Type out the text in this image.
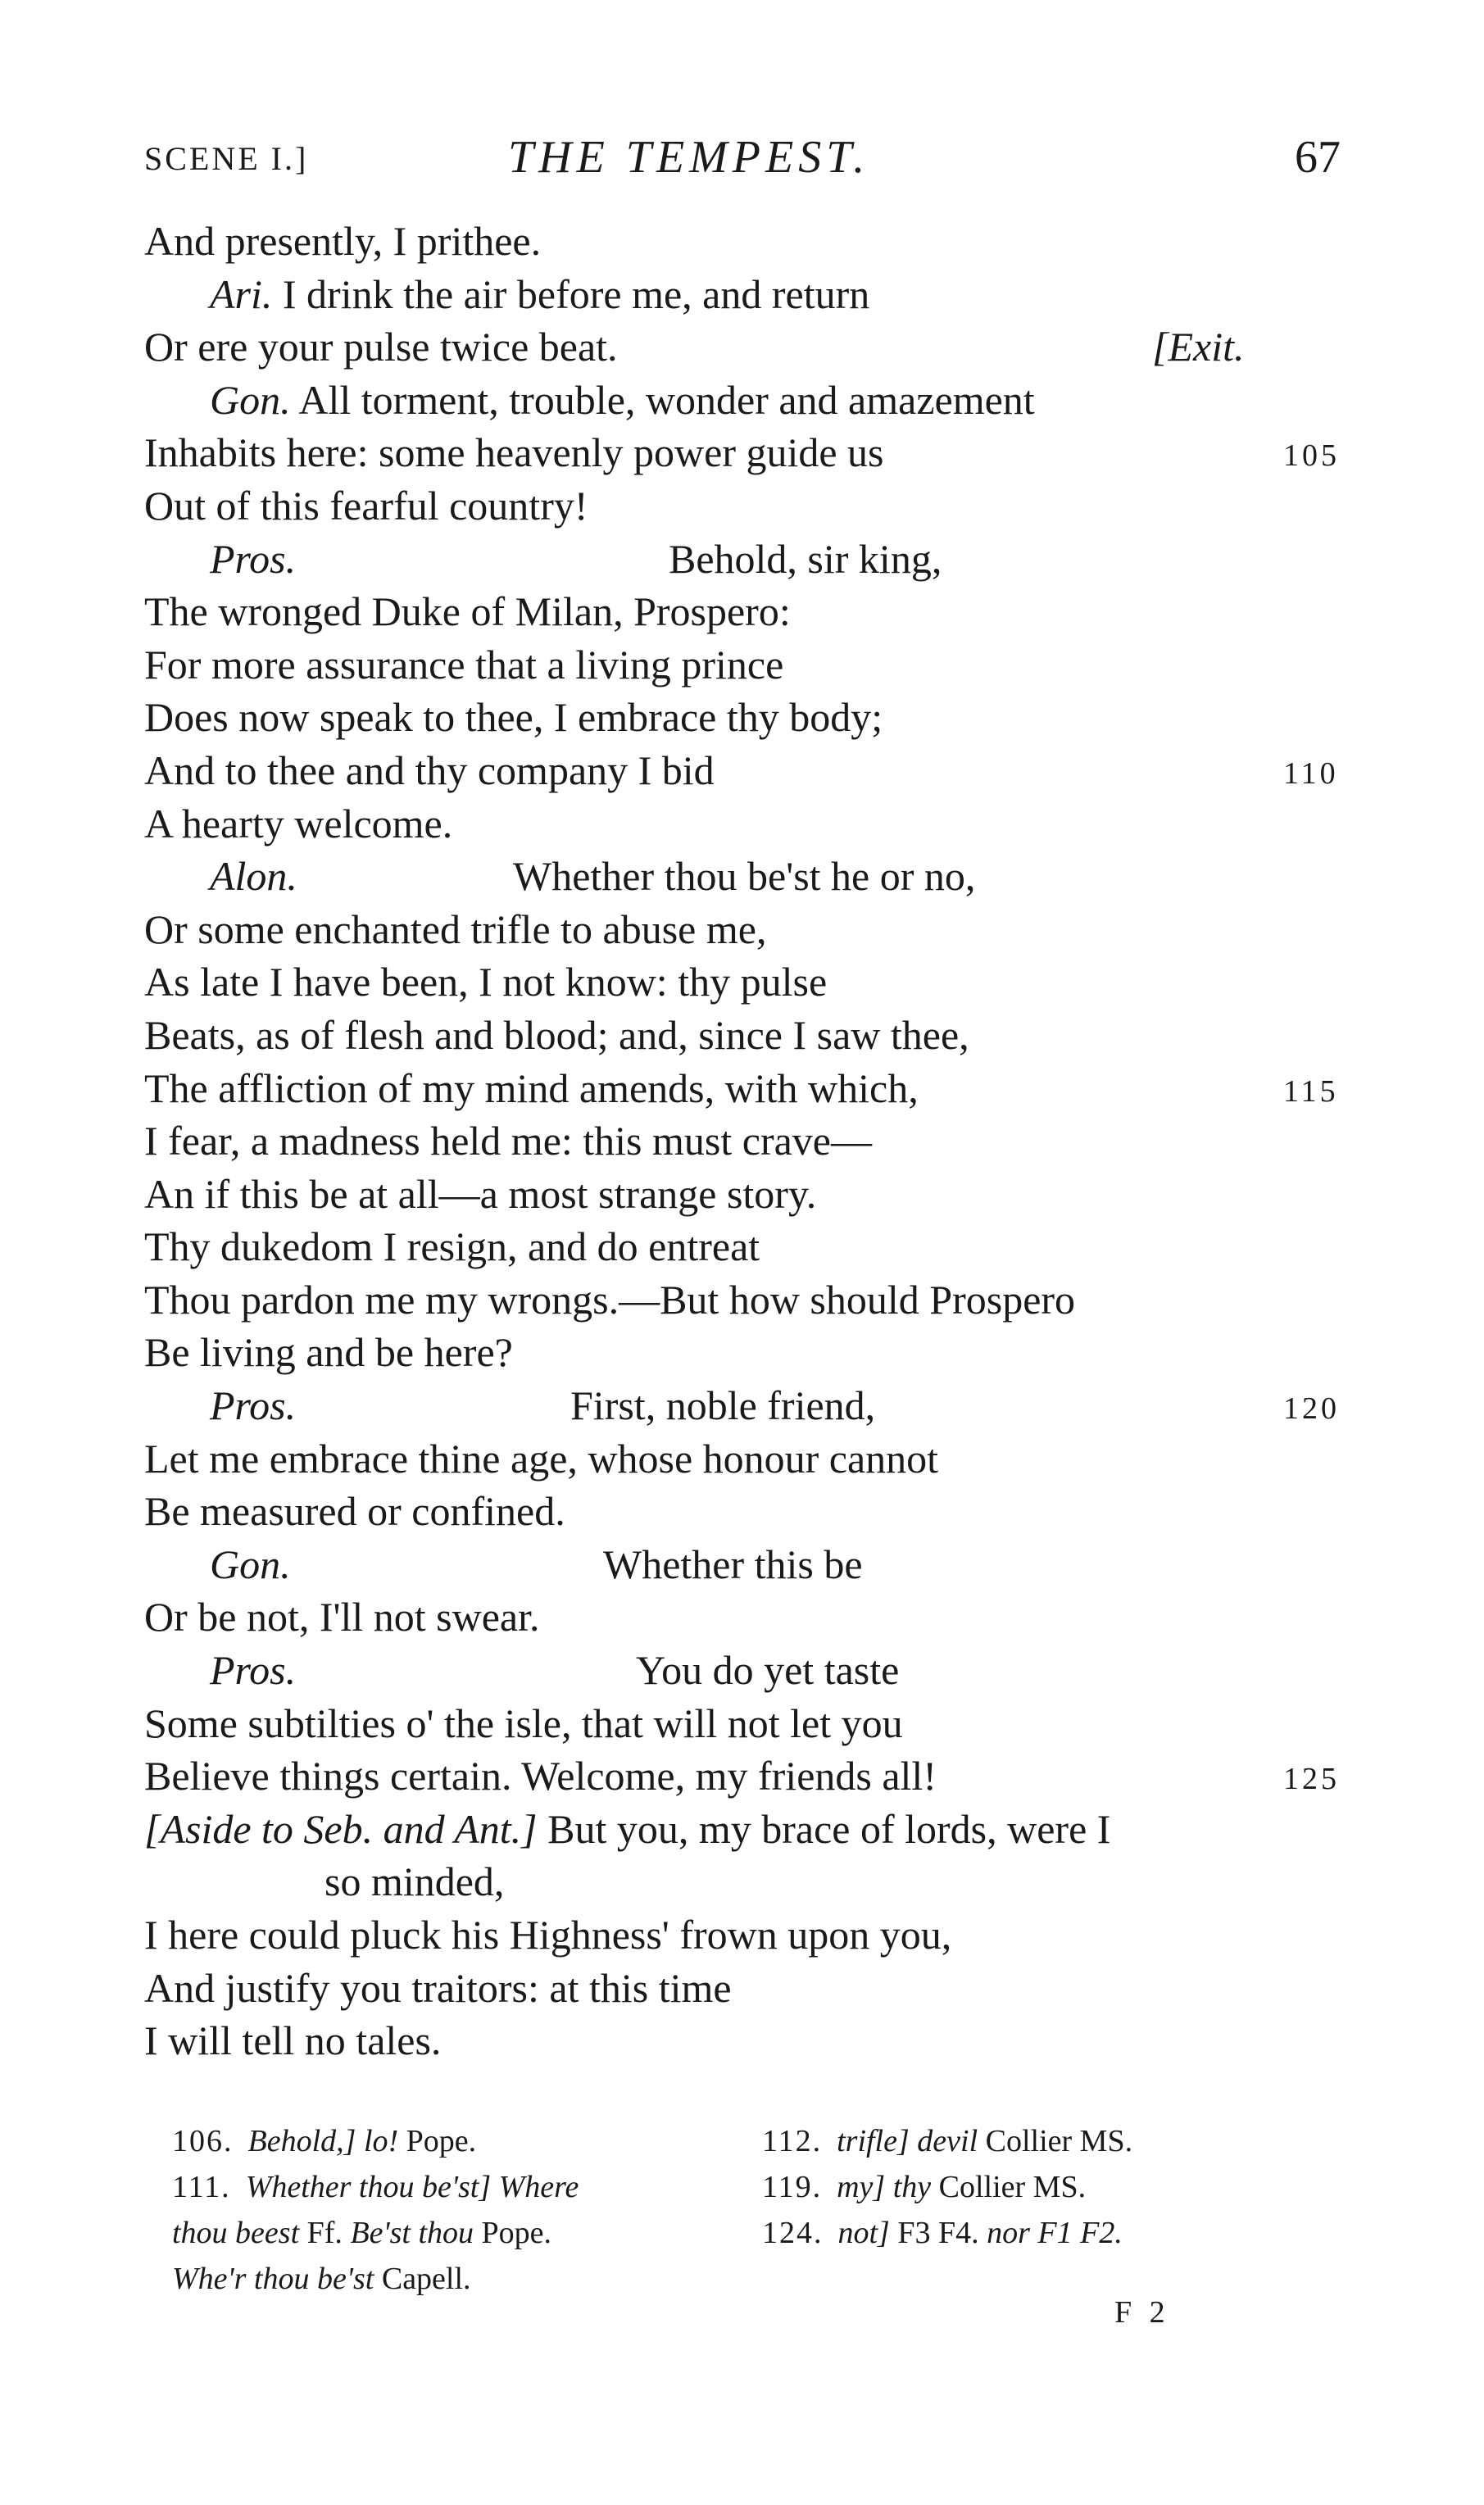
SCENE I.]	THE TEMPEST.	67
And presently, I prithee.
Ari. I drink the air before me, and return
Or ere your pulse twice beat.	[Exit.
Gon. All torment, trouble, wonder and amazement
Inhabits here: some heavenly power guide us	105
Out of this fearful country!
Pros.	Behold, sir king,
The wronged Duke of Milan, Prospero:
For more assurance that a living prince
Does now speak to thee, I embrace thy body;
And to thee and thy company I bid	110
A hearty welcome.
Alon.	Whether thou be'st he or no,
Or some enchanted trifle to abuse me,
As late I have been, I not know: thy pulse
Beats, as of flesh and blood; and, since I saw thee,
The affliction of my mind amends, with which,	115
I fear, a madness held me: this must crave—
An if this be at all—a most strange story.
Thy dukedom I resign, and do entreat
Thou pardon me my wrongs.—But how should Prospero
Be living and be here?
Pros.	First, noble friend,	120
Let me embrace thine age, whose honour cannot
Be measured or confined.
Gon.	Whether this be
Or be not, I'll not swear.
Pros.	You do yet taste
Some subtilties o' the isle, that will not let you
Believe things certain. Welcome, my friends all!	125
[Aside to Seb. and Ant.] But you, my brace of lords, were I
so minded,
I here could pluck his Highness' frown upon you,
And justify you traitors: at this time
I will tell no tales.
106. Behold,] lo! Pope.
111. Whether thou be'st] Where
thou beest Ff. Be'st thou Pope.
Whe'r thou be'st Capell.
112. trifle] devil Collier MS.
119. my] thy Collier MS.
124. not] F3 F4. nor F1 F2.
F 2
